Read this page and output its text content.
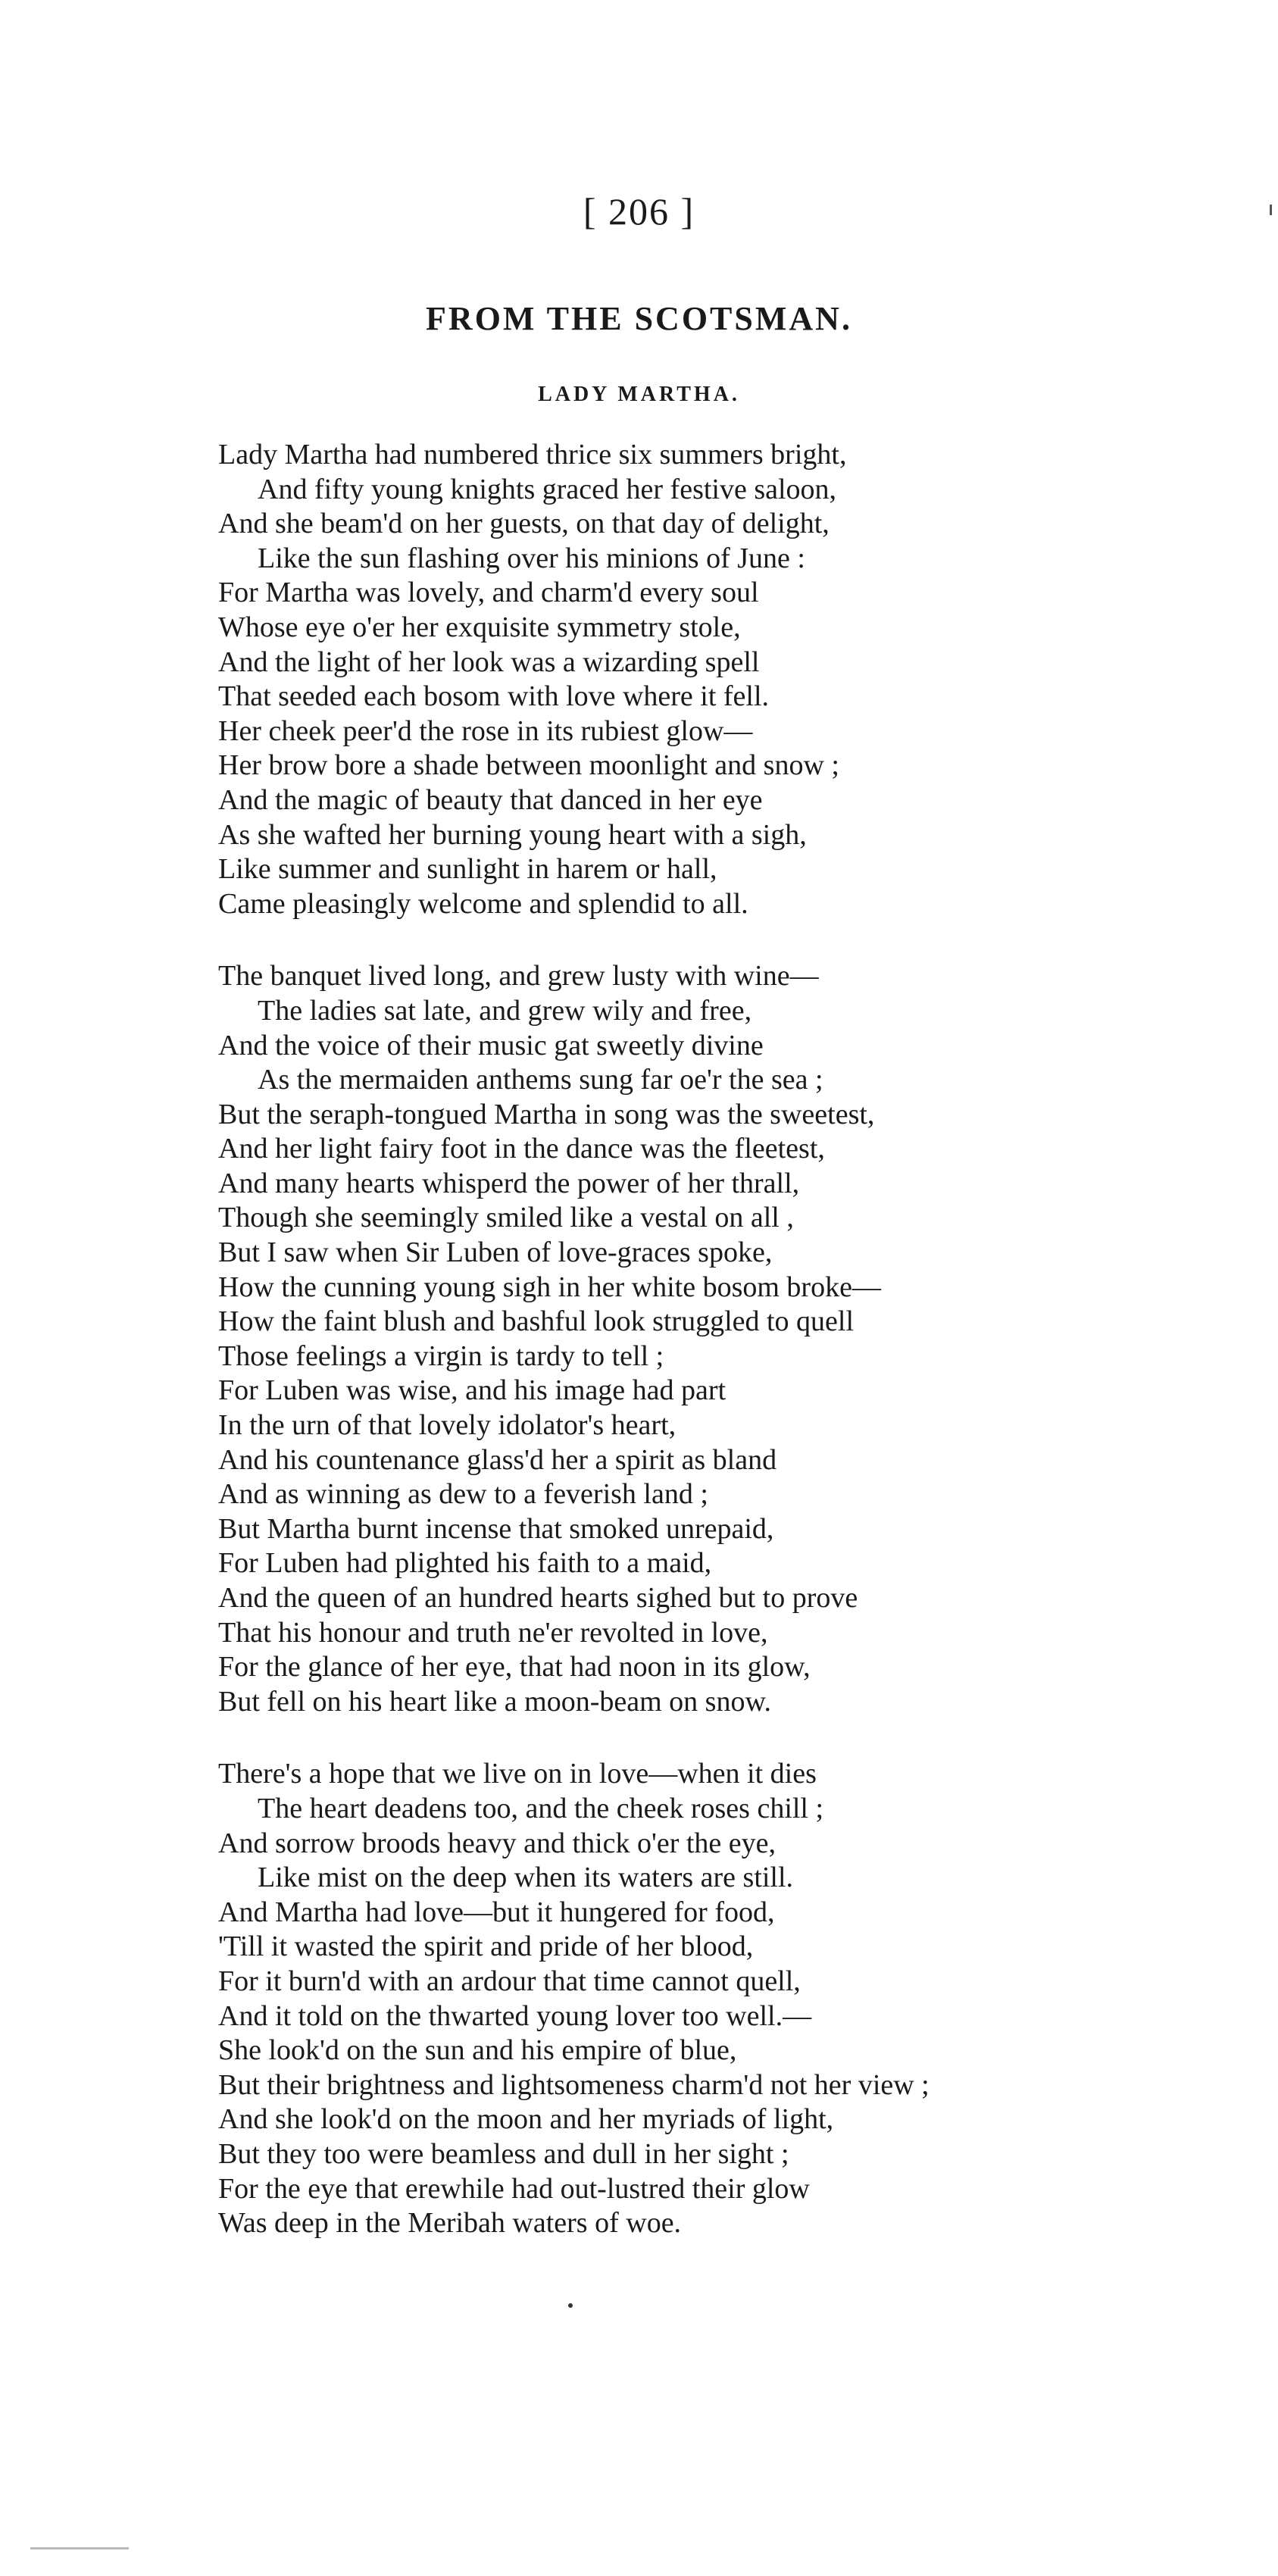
[ 206 ]
FROM THE SCOTSMAN.
LADY MARTHA.
Lady Martha had numbered thrice six summers bright,
And fifty young knights graced her festive saloon,
And she beam'd on her guests, on that day of delight,
Like the sun flashing over his minions of June :
For Martha was lovely, and charm'd every soul
Whose eye o'er her exquisite symmetry stole,
And the light of her look was a wizarding spell
That seeded each bosom with love where it fell.
Her cheek peer'd the rose in its rubiest glow—
Her brow bore a shade between moonlight and snow ;
And the magic of beauty that danced in her eye
As she wafted her burning young heart with a sigh,
Like summer and sunlight in harem or hall,
Came pleasingly welcome and splendid to all.
The banquet lived long, and grew lusty with wine—
The ladies sat late, and grew wily and free,
And the voice of their music gat sweetly divine
As the mermaiden anthems sung far oe'r the sea ;
But the seraph-tongued Martha in song was the sweetest,
And her light fairy foot in the dance was the fleetest,
And many hearts whisperd the power of her thrall,
Though she seemingly smiled like a vestal on all ,
But I saw when Sir Luben of love-graces spoke,
How the cunning young sigh in her white bosom broke—
How the faint blush and bashful look struggled to quell
Those feelings a virgin is tardy to tell ;
For Luben was wise, and his image had part
In the urn of that lovely idolator's heart,
And his countenance glass'd her a spirit as bland
And as winning as dew to a feverish land ;
But Martha burnt incense that smoked unrepaid,
For Luben had plighted his faith to a maid,
And the queen of an hundred hearts sighed but to prove
That his honour and truth ne'er revolted in love,
For the glance of her eye, that had noon in its glow,
But fell on his heart like a moon-beam on snow.
There's a hope that we live on in love—when it dies
The heart deadens too, and the cheek roses chill ;
And sorrow broods heavy and thick o'er the eye,
Like mist on the deep when its waters are still.
And Martha had love—but it hungered for food,
'Till it wasted the spirit and pride of her blood,
For it burn'd with an ardour that time cannot quell,
And it told on the thwarted young lover too well.—
She look'd on the sun and his empire of blue,
But their brightness and lightsomeness charm'd not her view ;
And she look'd on the moon and her myriads of light,
But they too were beamless and dull in her sight ;
For the eye that erewhile had out-lustred their glow
Was deep in the Meribah waters of woe.
